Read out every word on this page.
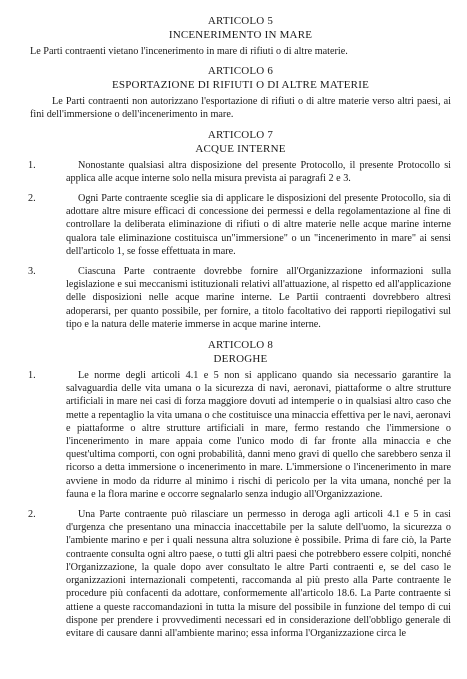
ARTICOLO 5
INCENERIMENTO IN MARE

Le Parti contraenti vietano l'incenerimento in mare di rifiuti o di altre materie.

ARTICOLO 6
ESPORTAZIONE DI RIFIUTI O DI ALTRE MATERIE

Le Parti contraenti non autorizzano l'esportazione di rifiuti o di altre materie verso altri paesi, ai fini dell'immersione o dell'incenerimento in mare.

ARTICOLO 7
ACQUE INTERNE
1.	Nonostante qualsiasi altra disposizione del presente Protocollo, il presente Protocollo si applica alle acque interne solo nella misura prevista ai paragrafi 2 e 3.
2.	Ogni Parte contraente sceglie sia di applicare le disposizioni del presente Protocollo, sia di adottare altre misure efficaci di concessione dei permessi e della regolamentazione al fine di controllare la deliberata eliminazione di rifiuti o di altre materie nelle acque marine interne qualora tale eliminazione costituisca un"immersione" o un "incenerimento in mare" ai sensi dell'articolo 1, se fosse effettuata in mare.
3.	Ciascuna Parte contraente dovrebbe fornire all'Organizzazione informazioni sulla legislazione e sui meccanismi istituzionali relativi all'attuazione, al rispetto ed all'applicazione delle disposizioni nelle acque marine interne. Le Partii contraenti dovrebbero altresì adoperarsi, per quanto possibile, per fornire, a titolo facoltativo dei rapporti riepilogativi sul tipo e la natura delle materie immerse in acque marine interne.
ARTICOLO 8
DEROGHE
1.	Le norme degli articoli 4.1 e 5 non si applicano quando sia necessario garantire la salvaguardia delle vita umana o la sicurezza di navi, aeronavi, piattaforme o altre strutture artificiali in mare nei casi di forza maggiore dovuti ad intemperie o in qualsiasi altro caso che mette a repentaglio la vita umana o che costituisce una minaccia effettiva per le navi, aeronavi e piattaforme o altre strutture artificiali in mare, fermo restando che l'immersione o l'incenerimento in mare appaia come l'unico modo di far fronte alla minaccia e che quest'ultima comporti, con ogni probabilità, danni meno gravi di quello che sarebbero senza il ricorso a detta immersione o incenerimento in mare. L'immersione o l'incenerimento in mare avviene in modo da ridurre al minimo i rischi di pericolo per la vita umana, nonché per la fauna e la flora marine e occorre segnalarlo senza indugio all'Organizzazione.
2.	Una Parte contraente può rilasciare un permesso in deroga agli articoli 4.1 e 5 in casi d'urgenza che presentano una minaccia inaccettabile per la salute dell'uomo, la sicurezza o l'ambiente marino e per i quali nessuna altra soluzione è possibile. Prima di fare ciò, la Parte contraente consulta ogni altro paese, o tutti gli altri paesi che potrebbero essere colpiti, nonché l'Organizzazione, la quale dopo aver consultato le altre Parti contraenti e, se del caso le organizzazioni internazionali competenti, raccomanda al più presto alla Parte contraente le procedure più confacenti da adottare, conformemente all'articolo 18.6. La Parte contraente si attiene a queste raccomandazioni in tutta la misure del possibile in funzione del tempo di cui dispone per prendere i provvedimenti necessari ed in considerazione dell'obbligo generale di evitare di causare danni all'ambiente marino; essa informa l'Organizzazione circa le
